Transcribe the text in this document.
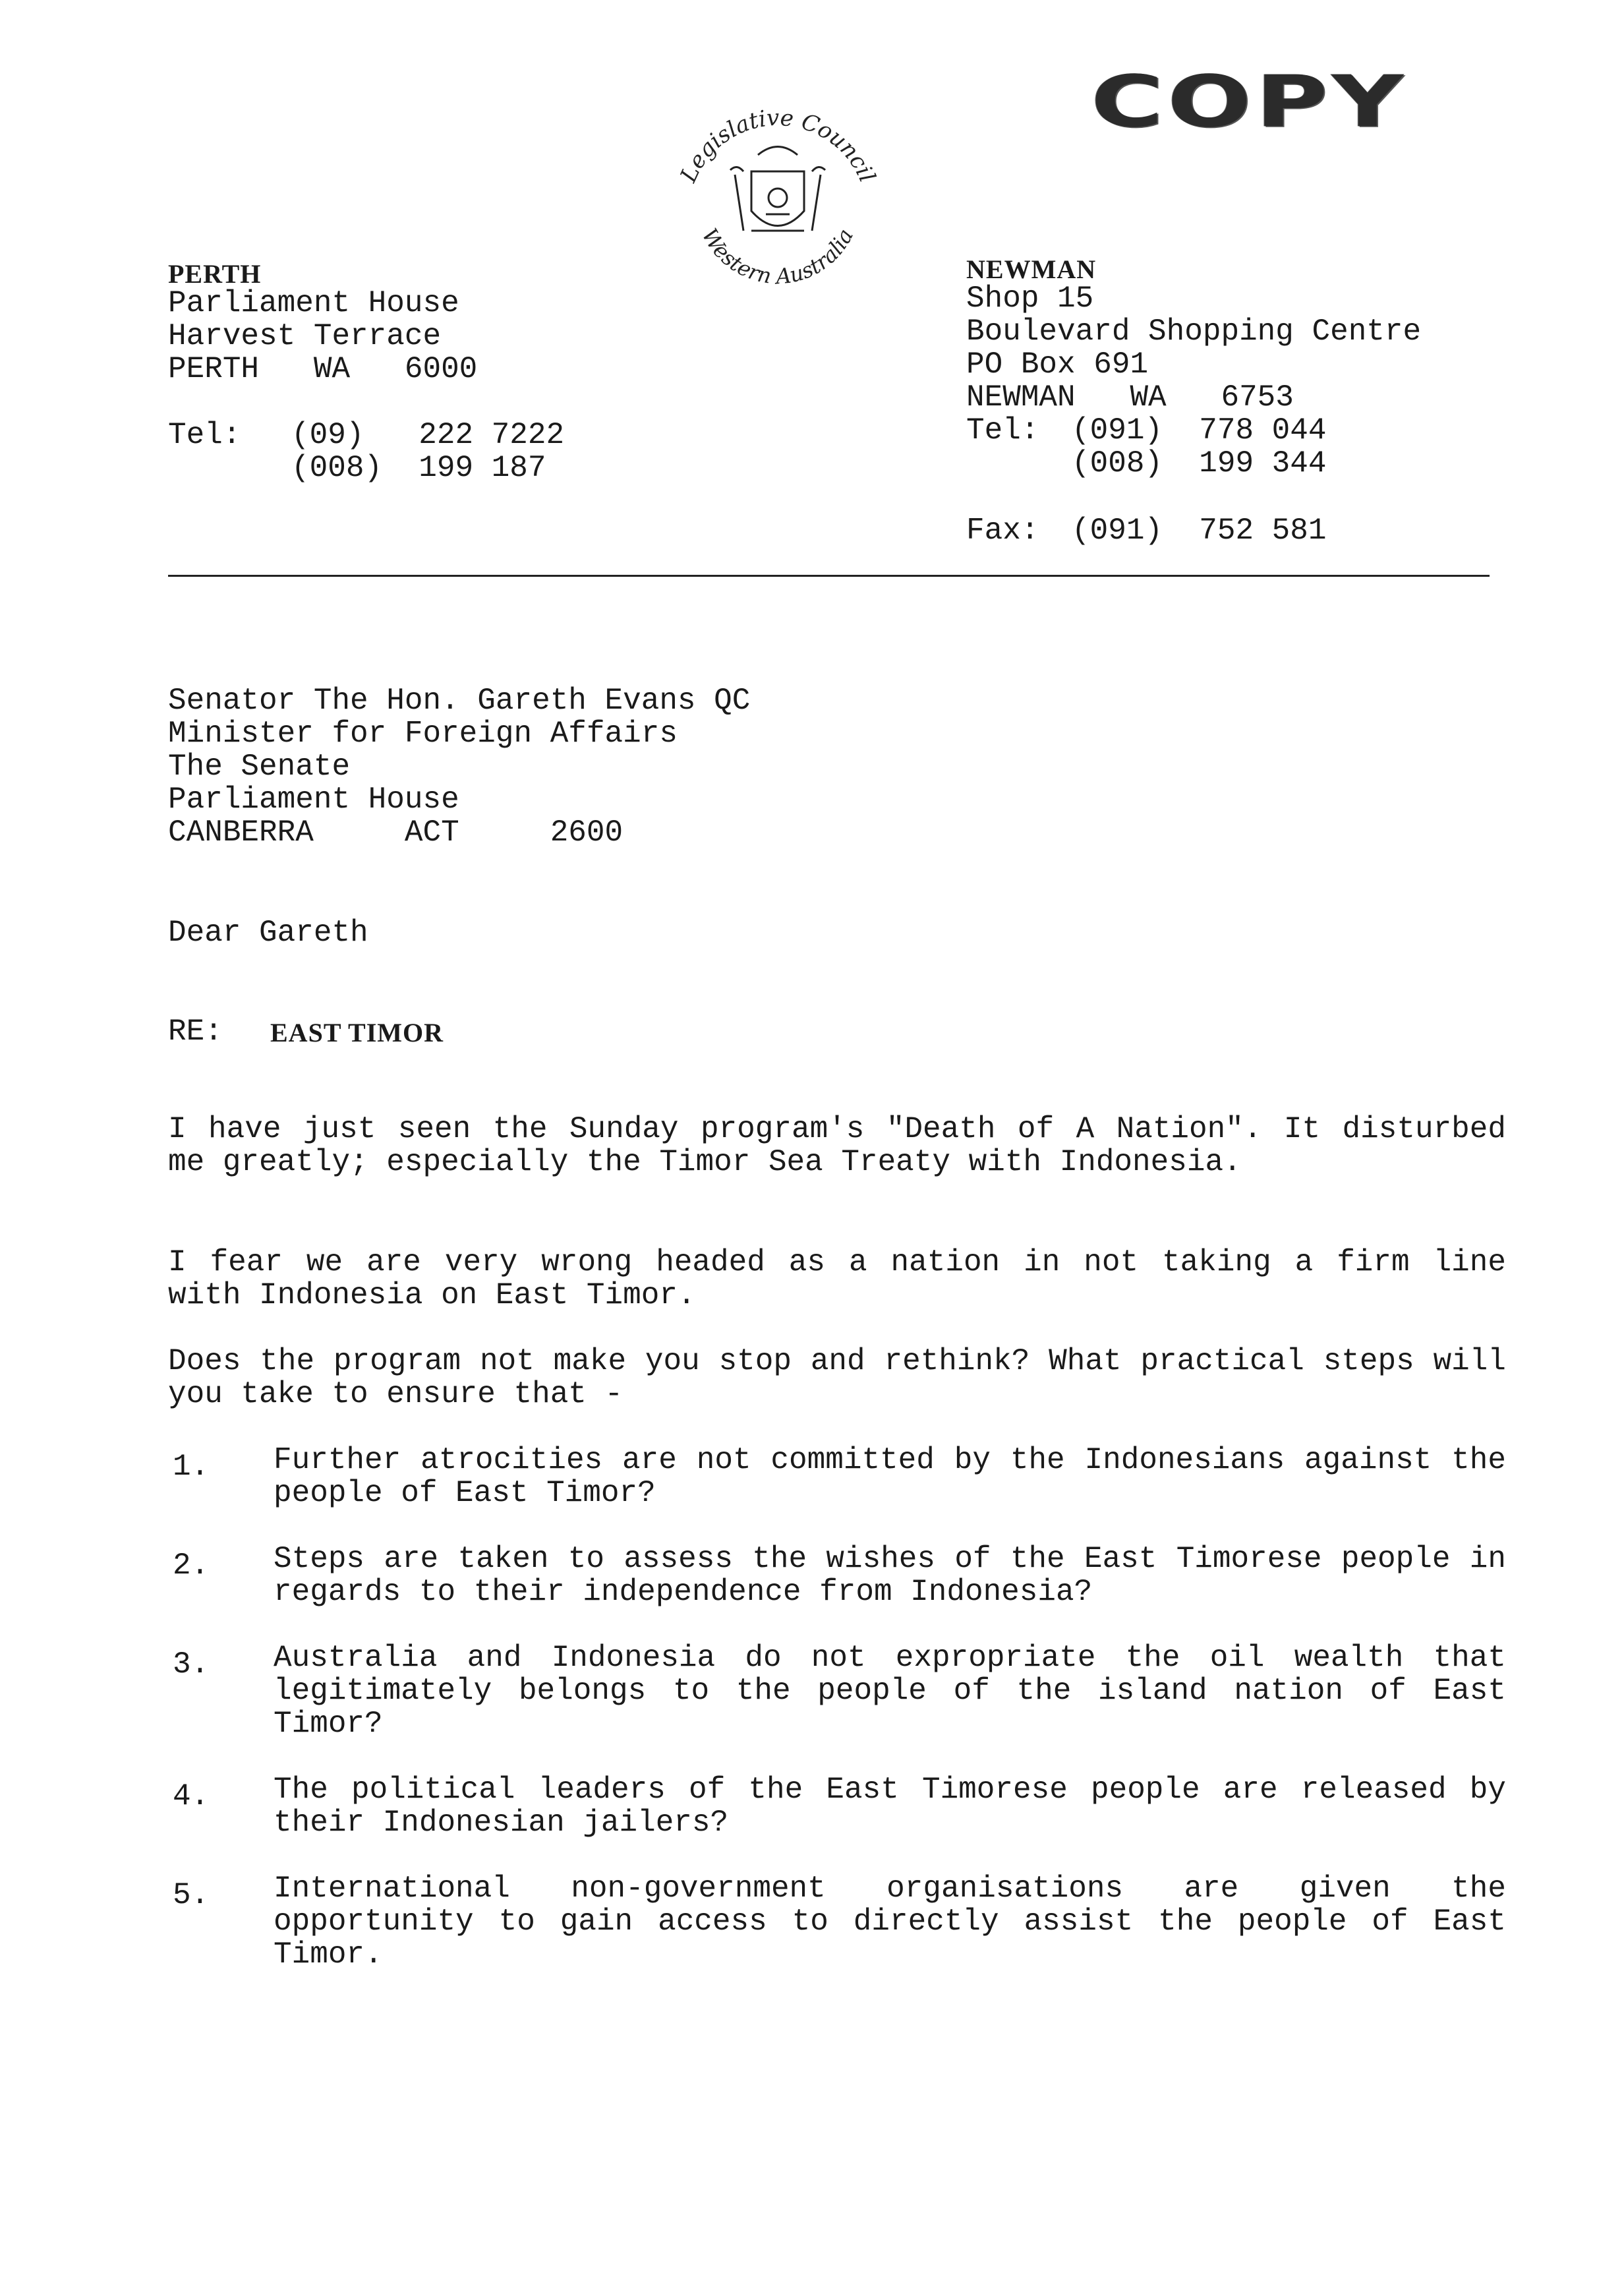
COPY
Legislative Council
Western Australia
PERTH
Parliament House
Harvest Terrace
PERTH   WA   6000
Tel: (09)   222 7222
(008)  199 187
NEWMAN
Shop 15
Boulevard Shopping Centre
PO Box 691
NEWMAN   WA   6753
Tel: (091)  778 044
(008)  199 344
Fax: (091)  752 581
Senator The Hon. Gareth Evans QC
Minister for Foreign Affairs
The Senate
Parliament House
CANBERRA     ACT     2600
Dear Gareth
RE: EAST TIMOR
I have just seen the Sunday program's "Death of A Nation". It disturbed me greatly; especially the Timor Sea Treaty with Indonesia.
I fear we are very wrong headed as a nation in not taking a firm line with Indonesia on East Timor.
Does the program not make you stop and rethink? What practical steps will you take to ensure that -
1. Further atrocities are not committed by the Indonesians against the people of East Timor?
2. Steps are taken to assess the wishes of the East Timorese people in regards to their independence from Indonesia?
3. Australia and Indonesia do not expropriate the oil wealth that legitimately belongs to the people of the island nation of East Timor?
4. The political leaders of the East Timorese people are released by their Indonesian jailers?
5. International non-government organisations are given the opportunity to gain access to directly assist the people of East Timor.
